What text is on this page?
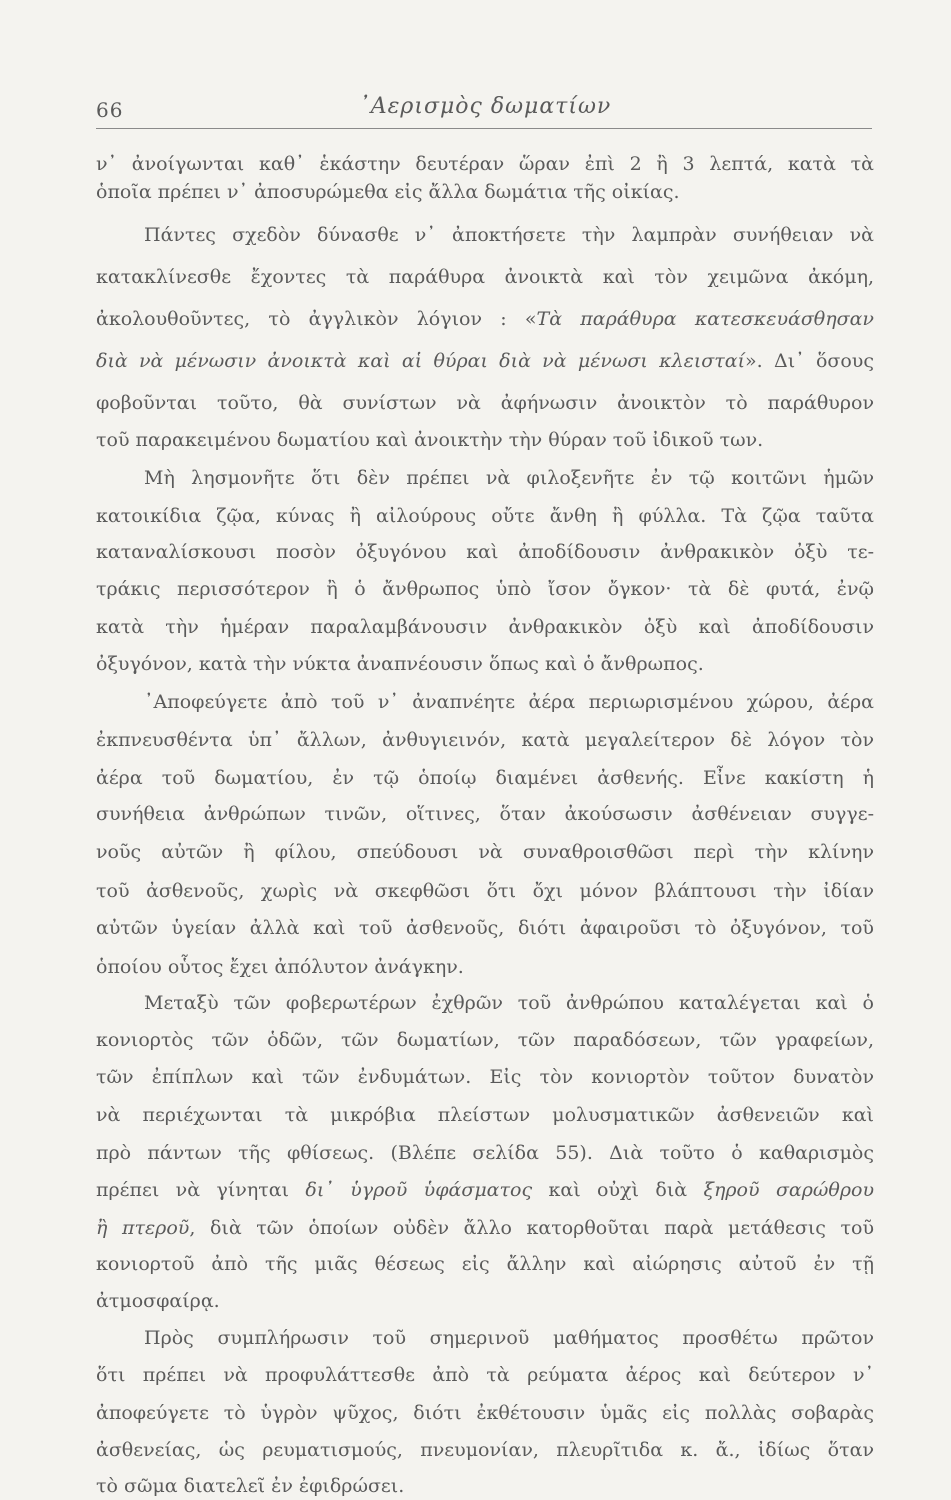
66	᾽Αερισμὸς δωματίων
ν᾽ ἀνοίγωνται καθ᾽ ἑκάστην δευτέραν ὥραν ἐπὶ 2 ἢ 3 λεπτά, κατὰ τὰ
ὁποῖα πρέπει ν᾽ ἀποσυρώμεθα εἰς ἄλλα δωμάτια τῆς οἰκίας.
Πάντες σχεδὸν δύνασθε ν᾽ ἀποκτήσετε τὴν λαμπρὰν συνήθειαν νὰ
κατακλίνεσθε ἔχοντες τὰ παράθυρα ἀνοικτὰ καὶ τὸν χειμῶνα ἀκόμη,
ἀκολουθοῦντες, τὸ ἀγγλικὸν λόγιον : «Τὰ παράθυρα κατεσκευάσθησαν
διὰ νὰ μένωσιν ἀνοικτὰ καὶ αἱ θύραι διὰ νὰ μένωσι κλεισταί». Δι᾽ ὅσους
φοβοῦνται τοῦτο, θὰ συνίστων νὰ ἀφήνωσιν ἀνοικτὸν τὸ παράθυρον
τοῦ παρακειμένου δωματίου καὶ ἀνοικτὴν τὴν θύραν τοῦ ἰδικοῦ των.
Μὴ λησμονῆτε ὅτι δὲν πρέπει νὰ φιλοξενῆτε ἐν τῷ κοιτῶνι ἡμῶν
κατοικίδια ζῷα, κύνας ἢ αἰλούρους οὔτε ἄνθη ἢ φύλλα. Τὰ ζῷα ταῦτα
καταναλίσκουσι ποσὸν ὀξυγόνου καὶ ἀποδίδουσιν ἀνθρακικὸν ὀξὺ τε-
τράκις περισσότερον ἢ ὁ ἄνθρωπος ὑπὸ ἴσον ὄγκον· τὰ δὲ φυτά, ἐνῷ
κατὰ τὴν ἡμέραν παραλαμβάνουσιν ἀνθρακικὸν ὀξὺ καὶ ἀποδίδουσιν
ὀξυγόνον, κατὰ τὴν νύκτα ἀναπνέουσιν ὅπως καὶ ὁ ἄνθρωπος.
᾽Αποφεύγετε ἀπὸ τοῦ ν᾽ ἀναπνέητε ἀέρα περιωρισμένου χώρου, ἀέρα
ἐκπνευσθέντα ὑπ᾽ ἄλλων, ἀνθυγιεινόν, κατὰ μεγαλείτερον δὲ λόγον τὸν
ἀέρα τοῦ δωματίου, ἐν τῷ ὁποίῳ διαμένει ἀσθενής. Εἶνε κακίστη ἡ
συνήθεια ἀνθρώπων τινῶν, οἵτινες, ὅταν ἀκούσωσιν ἀσθένειαν συγγε-
νοῦς αὐτῶν ἢ φίλου, σπεύδουσι νὰ συναθροισθῶσι περὶ τὴν κλίνην
τοῦ ἀσθενοῦς, χωρὶς νὰ σκεφθῶσι ὅτι ὄχι μόνον βλάπτουσι τὴν ἰδίαν
αὐτῶν ὑγείαν ἀλλὰ καὶ τοῦ ἀσθενοῦς, διότι ἀφαιροῦσι τὸ ὀξυγόνον, τοῦ
ὁποίου οὗτος ἔχει ἀπόλυτον ἀνάγκην.
Μεταξὺ τῶν φοβερωτέρων ἐχθρῶν τοῦ ἀνθρώπου καταλέγεται καὶ ὁ
κονιορτὸς τῶν ὁδῶν, τῶν δωματίων, τῶν παραδόσεων, τῶν γραφείων,
τῶν ἐπίπλων καὶ τῶν ἐνδυμάτων. Εἰς τὸν κονιορτὸν τοῦτον δυνατὸν
νὰ περιέχωνται τὰ μικρόβια πλείστων μολυσματικῶν ἀσθενειῶν καὶ
πρὸ πάντων τῆς φθίσεως. (Βλέπε σελίδα 55). Διὰ τοῦτο ὁ καθαρισμὸς
πρέπει νὰ γίνηται δι᾽ ὑγροῦ ὑφάσματος καὶ οὐχὶ διὰ ξηροῦ σαρώθρου
ἢ πτεροῦ, διὰ τῶν ὁποίων οὐδὲν ἄλλο κατορθοῦται παρὰ μετάθεσις τοῦ
κονιορτοῦ ἀπὸ τῆς μιᾶς θέσεως εἰς ἄλλην καὶ αἰώρησις αὐτοῦ ἐν τῇ
ἀτμοσφαίρᾳ.
Πρὸς συμπλήρωσιν τοῦ σημερινοῦ μαθήματος προσθέτω πρῶτον
ὅτι πρέπει νὰ προφυλάττεσθε ἀπὸ τὰ ρεύματα ἀέρος καὶ δεύτερον ν᾽
ἀποφεύγετε τὸ ὑγρὸν ψῦχος, διότι ἐκθέτουσιν ὑμᾶς εἰς πολλὰς σοβαρὰς
ἀσθενείας, ὡς ρευματισμούς, πνευμονίαν, πλευρῖτιδα κ. ἄ., ἰδίως ὅταν
τὸ σῶμα διατελεῖ ἐν ἐφιδρώσει.
